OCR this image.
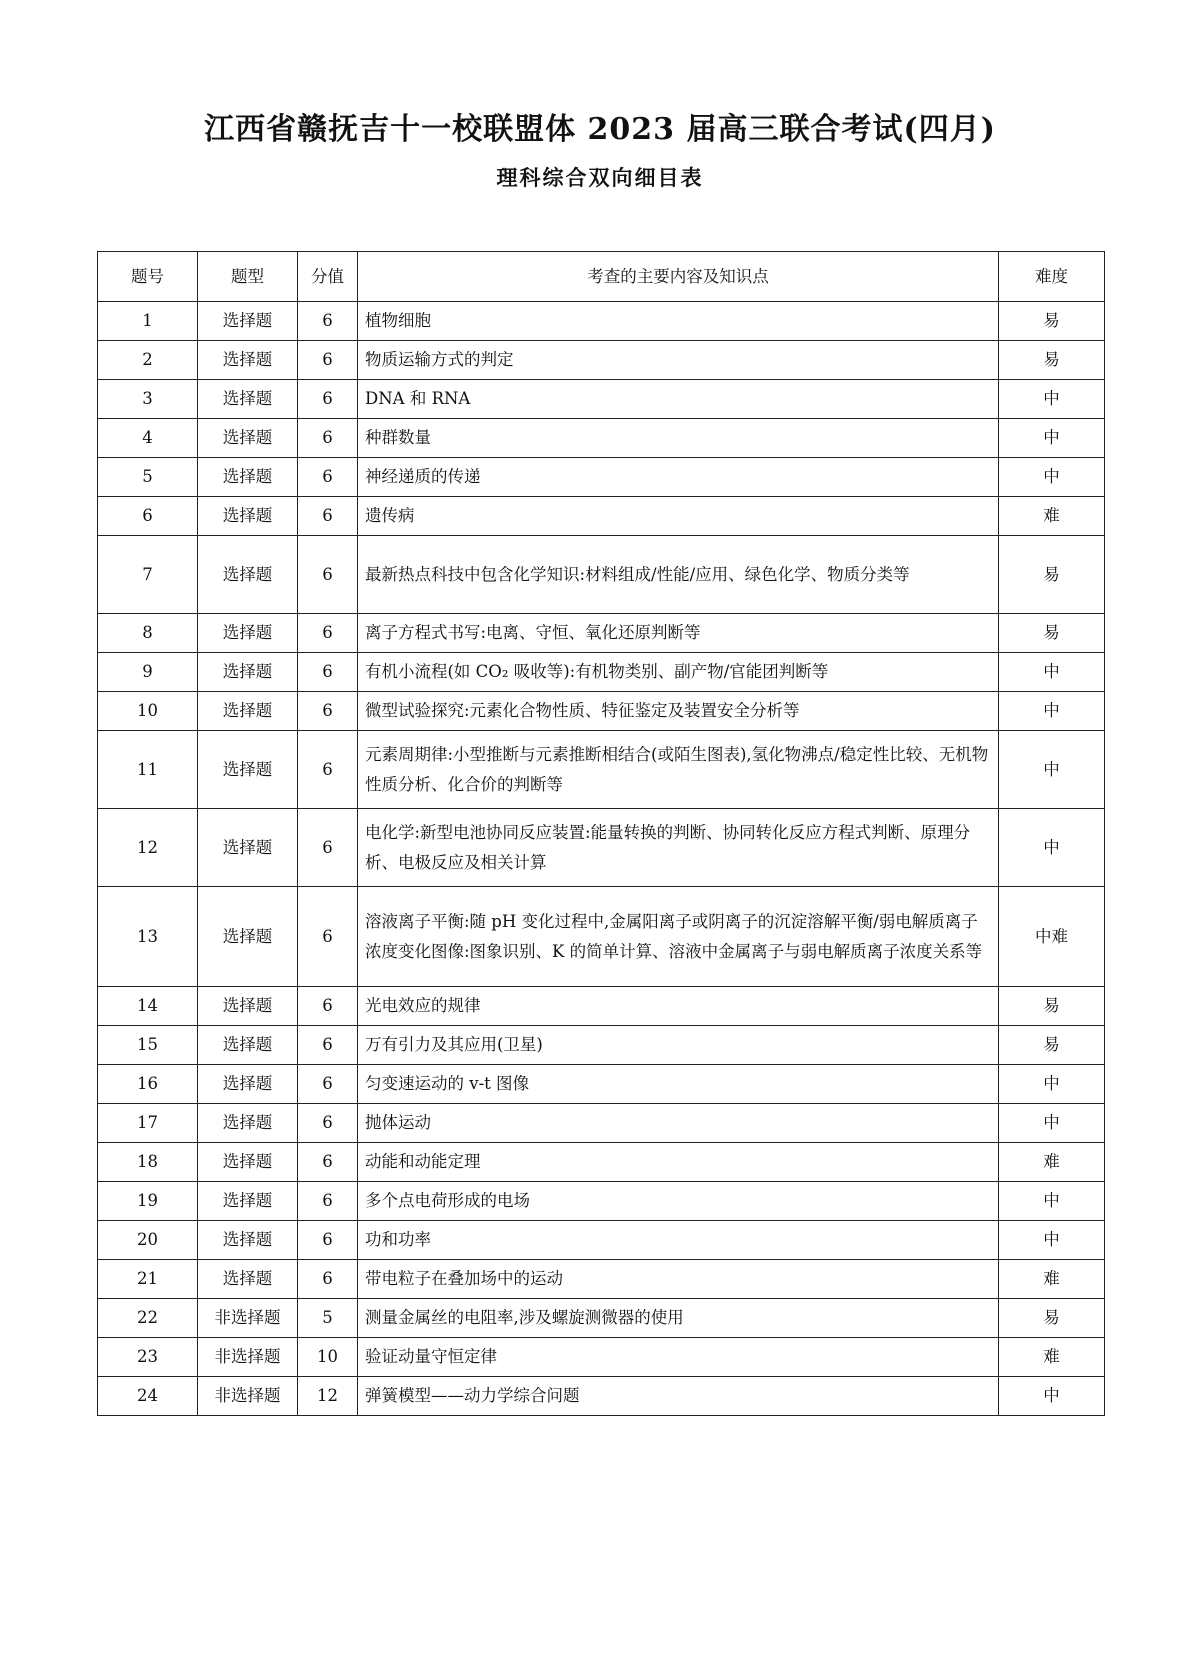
江西省赣抚吉十一校联盟体 2023 届高三联合考试(四月)
理科综合双向细目表
题号	题型	分值	考查的主要内容及知识点	难度
1	选择题	6	植物细胞	易
2	选择题	6	物质运输方式的判定	易
3	选择题	6	DNA 和 RNA	中
4	选择题	6	种群数量	中
5	选择题	6	神经递质的传递	中
6	选择题	6	遗传病	难
7	选择题	6	最新热点科技中包含化学知识:材料组成/性能/应用、绿色化学、物质分类等	易
8	选择题	6	离子方程式书写:电离、守恒、氧化还原判断等	易
9	选择题	6	有机小流程(如 CO₂ 吸收等):有机物类别、副产物/官能团判断等	中
10	选择题	6	微型试验探究:元素化合物性质、特征鉴定及装置安全分析等	中
11	选择题	6	元素周期律:小型推断与元素推断相结合(或陌生图表),氢化物沸点/稳定性比较、无机物性质分析、化合价的判断等	中
12	选择题	6	电化学:新型电池协同反应装置:能量转换的判断、协同转化反应方程式判断、原理分析、电极反应及相关计算	中
13	选择题	6	溶液离子平衡:随 pH 变化过程中,金属阳离子或阴离子的沉淀溶解平衡/弱电解质离子浓度变化图像:图象识别、K 的简单计算、溶液中金属离子与弱电解质离子浓度关系等	中难
14	选择题	6	光电效应的规律	易
15	选择题	6	万有引力及其应用(卫星)	易
16	选择题	6	匀变速运动的 v-t 图像	中
17	选择题	6	抛体运动	中
18	选择题	6	动能和动能定理	难
19	选择题	6	多个点电荷形成的电场	中
20	选择题	6	功和功率	中
21	选择题	6	带电粒子在叠加场中的运动	难
22	非选择题	5	测量金属丝的电阻率,涉及螺旋测微器的使用	易
23	非选择题	10	验证动量守恒定律	难
24	非选择题	12	弹簧模型——动力学综合问题	中
